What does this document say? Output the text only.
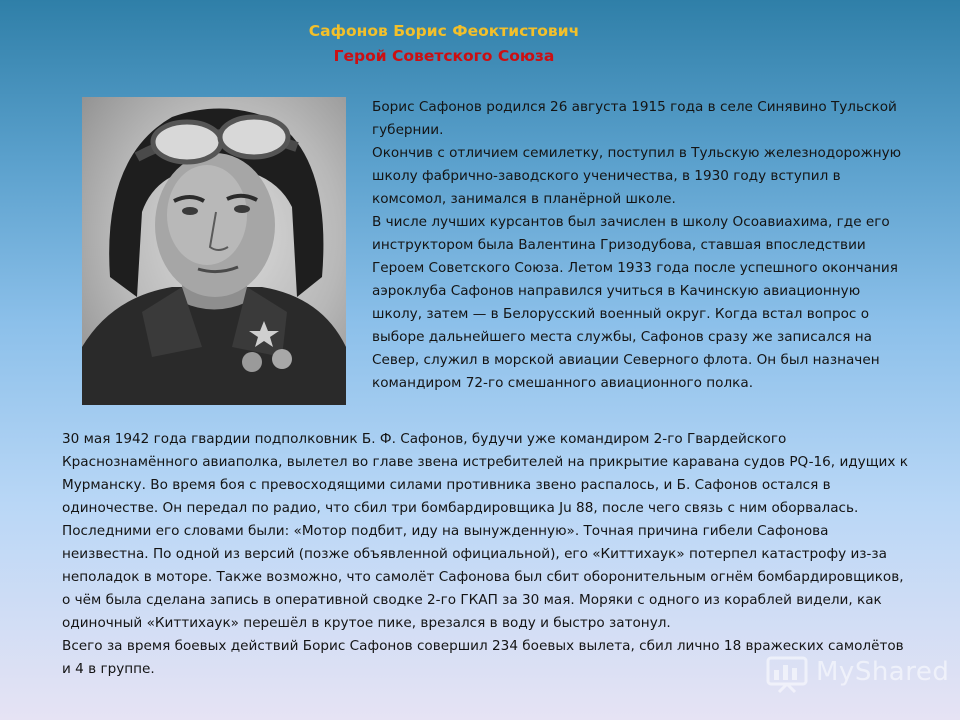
Сафонов Борис Феоктистович
Герой Советского Союза

Борис Сафонов родился 26 августа 1915 года в селе Синявино Тульской губернии.

Окончив с отличием семилетку, поступил в Тульскую железнодорожную школу фабрично-заводского ученичества, в 1930 году вступил в комсомол, занимался в планёрной школе.

В числе лучших курсантов был зачислен в школу Осоавиахима, где его инструктором была Валентина Гризодубова, ставшая впоследствии Героем Советского Союза. Летом 1933 года после успешного окончания аэроклуба Сафонов направился учиться в Качинскую авиационную школу, затем — в Белорусский военный округ. Когда встал вопрос о выборе дальнейшего места службы, Сафонов сразу же записался на Север, служил в морской авиации Северного флота. Он был назначен командиром 72-го смешанного авиационного полка.

30 мая 1942 года гвардии подполковник Б. Ф. Сафонов, будучи уже командиром 2-го Гвардейского Краснознамённого авиаполка, вылетел во главе звена истребителей на прикрытие каравана судов PQ-16, идущих к Мурманску. Во время боя с превосходящими силами противника звено распалось, и Б. Сафонов остался в одиночестве. Он передал по радио, что сбил три бомбардировщика Ju 88, после чего связь с ним оборвалась. Последними его словами были: «Мотор подбит, иду на вынужденную». Точная причина гибели Сафонова неизвестна. По одной из версий (позже объявленной официальной), его «Киттихаук» потерпел катастрофу из-за неполадок в моторе. Также возможно, что самолёт Сафонова был сбит оборонительным огнём бомбардировщиков, о чём была сделана запись в оперативной сводке 2-го ГКАП за 30 мая. Моряки с одного из кораблей видели, как одиночный «Киттихаук» перешёл в крутое пике, врезался в воду и быстро затонул.

Всего за время боевых действий Борис Сафонов совершил 234 боевых вылета, сбил лично 18 вражеских самолётов и 4 в группе.	MyShared
